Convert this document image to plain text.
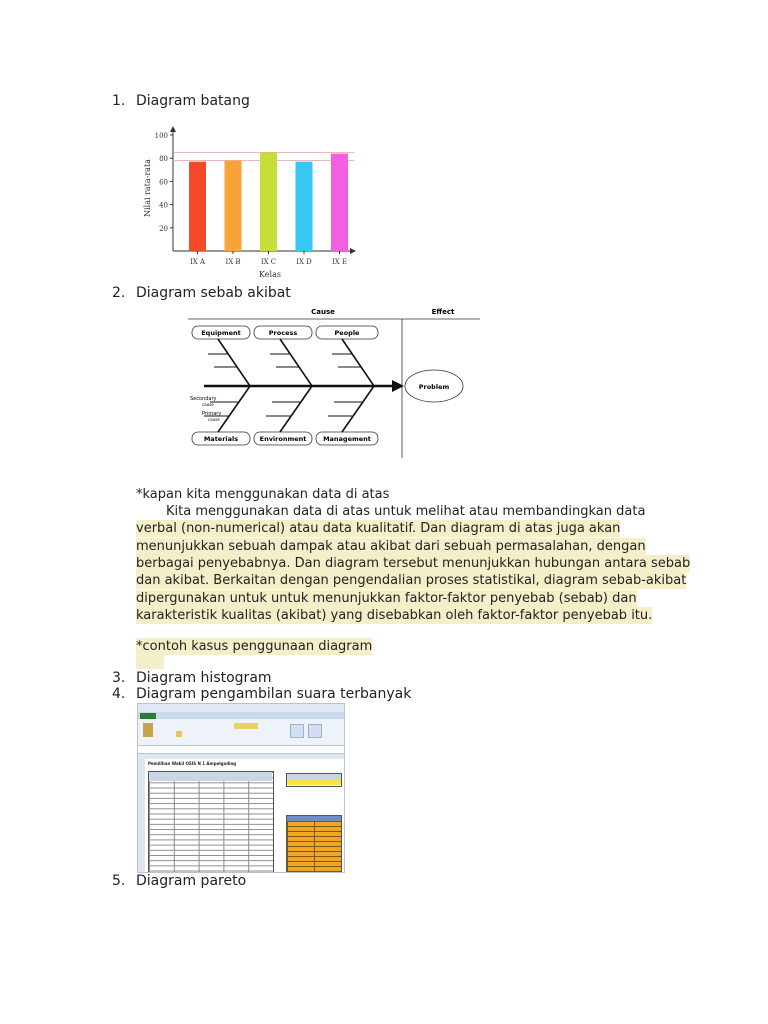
1. Diagram batang
20
40
60
80
100
IX A	IX B	IX C	IX D	IX E
Nilai rata-rata
Kelas
2. Diagram sebab akibat
Cause	Effect
Equipment	Process	People
Materials	Environment	Management
Secondary
cause
Primary
cause
Problem
*kapan kita menggunakan data di atas
Kita menggunakan data di atas untuk melihat atau membandingkan data
verbal (non-numerical) atau data kualitatif. Dan diagram di atas juga akan
menunjukkan sebuah dampak atau akibat dari sebuah permasalahan, dengan
berbagai penyebabnya. Dan diagram tersebut menunjukkan hubungan antara sebab
dan akibat. Berkaitan dengan pengendalian proses statistikal, diagram sebab-akibat
dipergunakan untuk untuk menunjukkan faktor-faktor penyebab (sebab) dan
karakteristik kualitas (akibat) yang disebabkan oleh faktor-faktor penyebab itu.
*contoh kasus penggunaan diagram
3. Diagram histogram
4. Diagram pengambilan suara terbanyak
Pemilihan Wakil OSIS N 1 Ampelgading
5. Diagram pareto
